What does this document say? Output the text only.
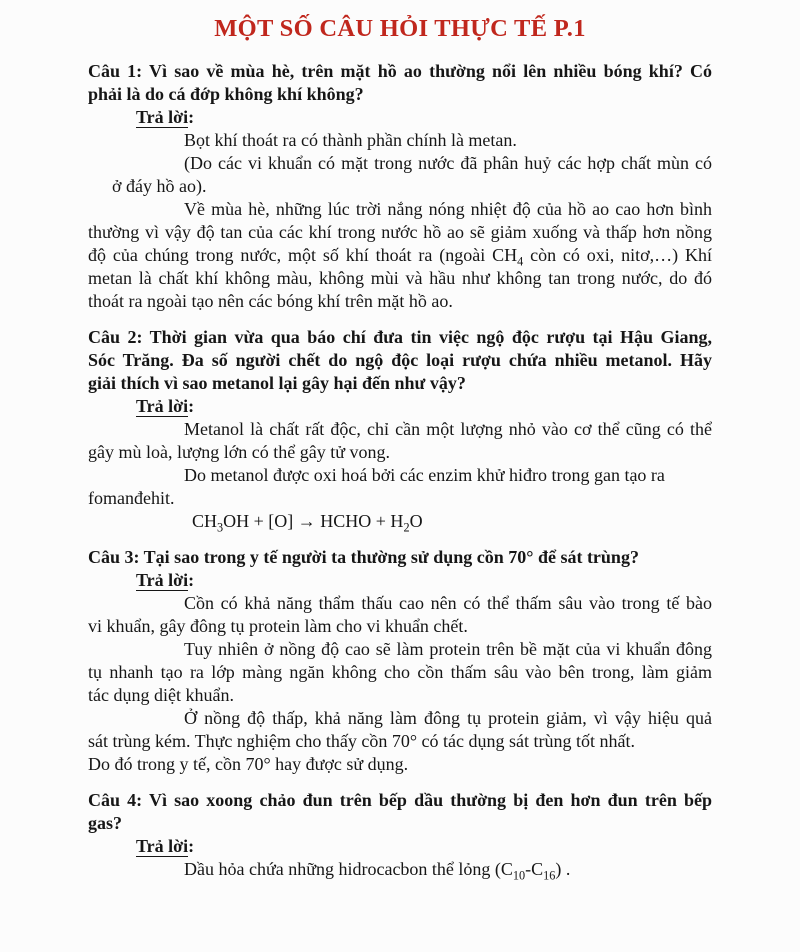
MỘT SỐ CÂU HỎI THỰC TẾ P.1
Câu 1: Vì sao về mùa hè, trên mặt hồ ao thường nổi lên nhiều bóng khí? Có
phải là do cá đớp không khí không?
Trả lời:
Bọt khí thoát ra có thành phần chính là metan.
(Do các vi khuẩn có mặt trong nước đã phân huỷ các hợp chất mùn có
ở đáy hồ ao).
Về mùa hè, những lúc trời nắng nóng nhiệt độ của hồ ao cao hơn bình
thường vì vậy độ tan của các khí trong nước hồ ao sẽ giảm xuống và thấp hơn nồng
độ của chúng trong nước, một số khí thoát ra (ngoài $CH_4$ còn có oxi, nitơ,…) Khí
metan là chất khí không màu, không mùi và hầu như không tan trong nước, do đó
thoát ra ngoài tạo nên các bóng khí trên mặt hồ ao.
Câu 2: Thời gian vừa qua báo chí đưa tin việc ngộ độc rượu tại Hậu Giang,
Sóc Trăng. Đa số người chết do ngộ độc loại rượu chứa nhiều metanol. Hãy
giải thích vì sao metanol lại gây hại đến như vậy?
Trả lời:
Metanol là chất rất độc, chỉ cần một lượng nhỏ vào cơ thể cũng có thể
gây mù loà, lượng lớn có thể gây tử vong.
Do metanol được oxi hoá bởi các enzim khử hiđro trong gan tạo ra
fomanđehit.
$CH_3OH + [O]$ → HCHO + $H_2O$
Câu 3: Tại sao trong y tế người ta thường sử dụng cồn 70° để sát trùng?
Trả lời:
Cồn có khả năng thẩm thấu cao nên có thể thấm sâu vào trong tế bào
vi khuẩn, gây đông tụ protein làm cho vi khuẩn chết.
Tuy nhiên ở nồng độ cao sẽ làm protein trên bề mặt của vi khuẩn đông
tụ nhanh tạo ra lớp màng ngăn không cho cồn thấm sâu vào bên trong, làm giảm
tác dụng diệt khuẩn.
Ở nồng độ thấp, khả năng làm đông tụ protein giảm, vì vậy hiệu quả
sát trùng kém. Thực nghiệm cho thấy cồn 70° có tác dụng sát trùng tốt nhất.
Do đó trong y tế, cồn 70° hay được sử dụng.
Câu 4: Vì sao xoong chảo đun trên bếp dầu thường bị đen hơn đun trên bếp
gas?
Trả lời:
Dầu hỏa chứa những hidrocacbon thể lỏng $(C_{10}-C_{16})$ .
